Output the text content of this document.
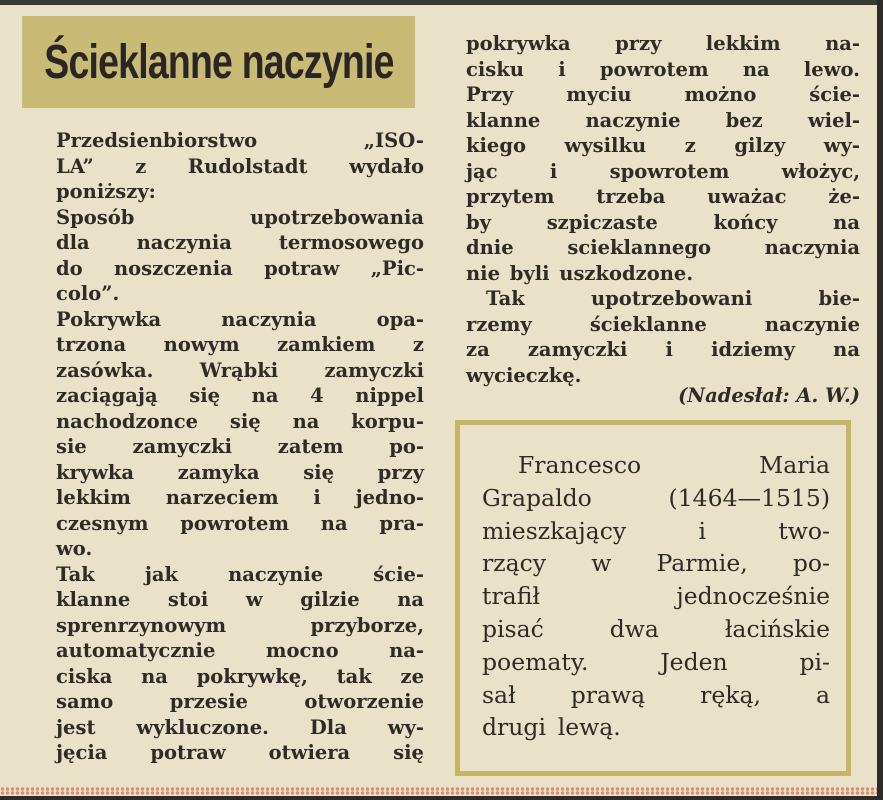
Ścieklanne naczynie
Przedsienbiorstwo	„ISO-
LA” z Rudolstadt wydało
poniższy:
Sposób	upotrzebowania
dla naczynia termosowego
do noszczenia potraw „Pic-
colo”.
Pokrywka	naczynia	opa-
trzona nowym zamkiem z
zasówka. Wrąbki zamyczki
zaciągają się na 4 nippel
nachodzonce się na korpu-
sie zamyczki zatem po-
krywka zamyka się przy
lekkim narzeciem i jedno-
czesnym powrotem na pra-
wo.
Tak	jak	naczynie	ście-
klanne stoi w gilzie na
sprenrzynowym	przyborze,
automatycznie	mocno	na-
ciska na pokrywkę, tak ze
samo	przesie	otworzenie
jest wykluczone. Dla wy-
jęcia potraw otwiera się
pokrywka przy lekkim na-
cisku i powrotem na lewo.
Przy	myciu	możno	ście-
klanne naczynie bez wiel-
kiego wysilku z gilzy wy-
jąc	i	spowrotem	włożyc,
przytem trzeba uważac że-
by	szpiczaste	końcy	na
dnie	scieklannego	naczynia
nie byli uszkodzone.
Tak	upotrzebowani	bie-
rzemy	ścieklanne	naczynie
za zamyczki i idziemy na
wycieczkę.
(Nadesłał: A. W.)
Francesco	Maria
Grapaldo	(1464—1515)
mieszkający	i	two-
rzący w Parmie, po-
trafił	jednocześnie
pisać	dwa	łacińskie
poematy.	Jeden	pi-
sał prawą ręką, a
drugi lewą.
